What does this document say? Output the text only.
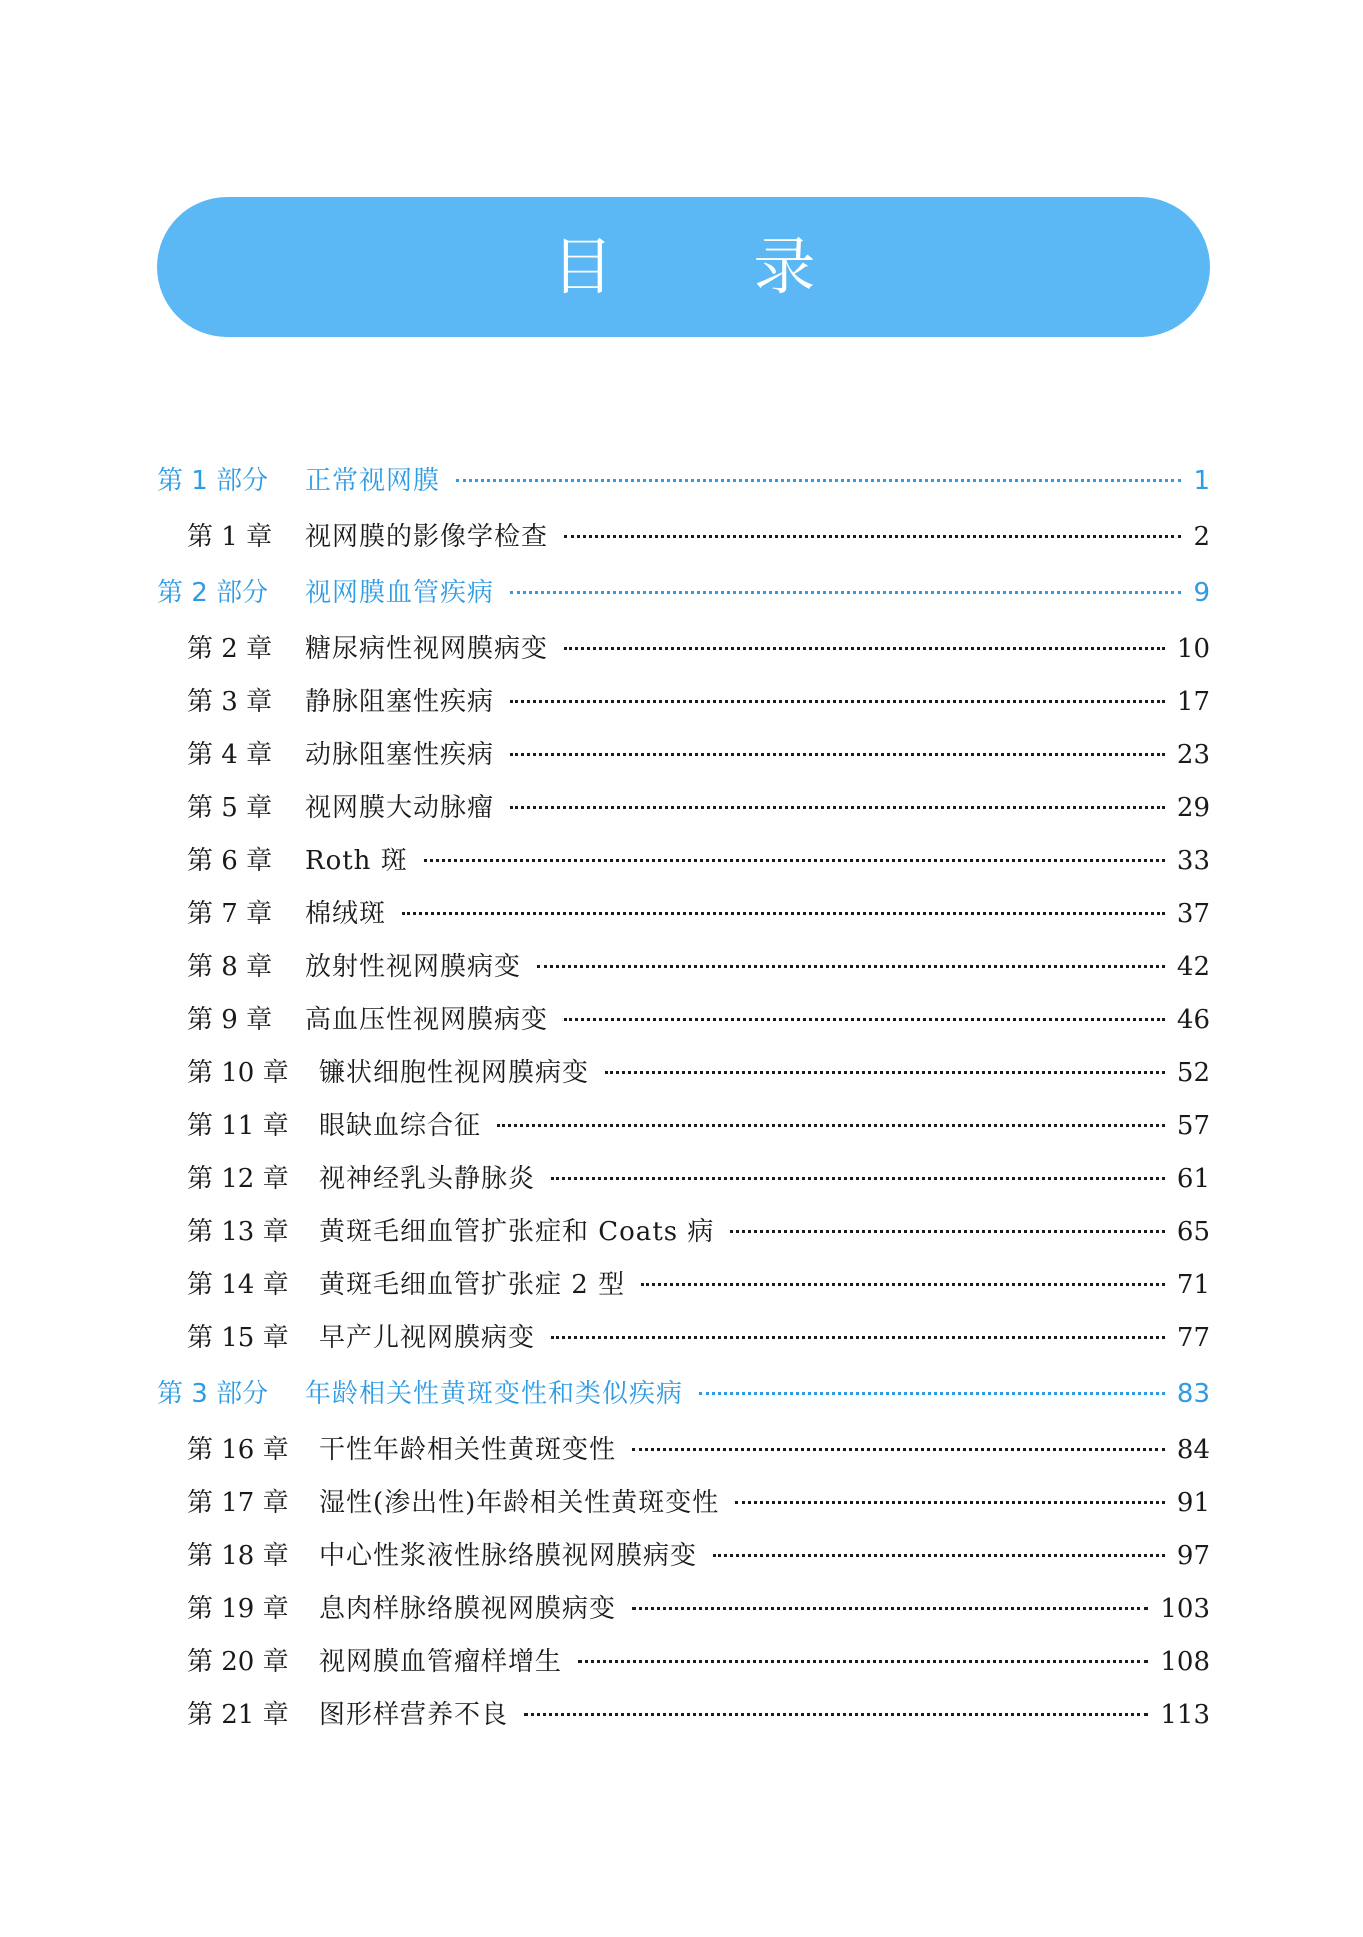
目 录
第 1 部分	正常视网膜	1
第 1 章	视网膜的影像学检查	2
第 2 部分	视网膜血管疾病	9
第 2 章	糖尿病性视网膜病变	10
第 3 章	静脉阻塞性疾病	17
第 4 章	动脉阻塞性疾病	23
第 5 章	视网膜大动脉瘤	29
第 6 章	Roth 斑	33
第 7 章	棉绒斑	37
第 8 章	放射性视网膜病变	42
第 9 章	高血压性视网膜病变	46
第 10 章	镰状细胞性视网膜病变	52
第 11 章	眼缺血综合征	57
第 12 章	视神经乳头静脉炎	61
第 13 章	黄斑毛细血管扩张症和 Coats 病	65
第 14 章	黄斑毛细血管扩张症 2 型	71
第 15 章	早产儿视网膜病变	77
第 3 部分	年龄相关性黄斑变性和类似疾病	83
第 16 章	干性年龄相关性黄斑变性	84
第 17 章	湿性(渗出性)年龄相关性黄斑变性	91
第 18 章	中心性浆液性脉络膜视网膜病变	97
第 19 章	息肉样脉络膜视网膜病变	103
第 20 章	视网膜血管瘤样增生	108
第 21 章	图形样营养不良	113
